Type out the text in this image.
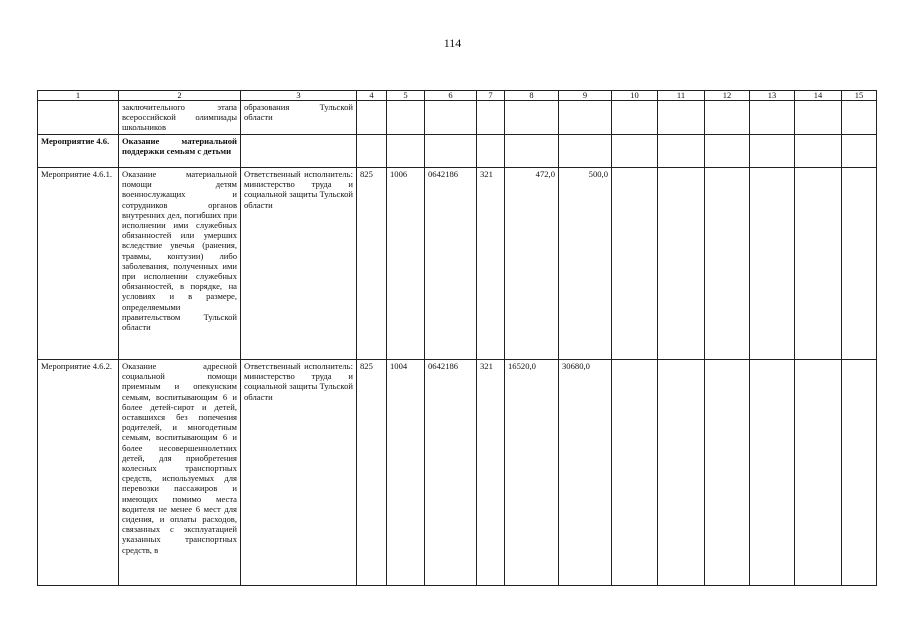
114
1	2	3	4	5	6	7	8	9	10	11	12	13	14	15
	заключительного этапа всероссийской олимпиады школьников	образования Тульской области												
Мероприятие 4.6.	Оказание материальной поддержки семьям с детьми													
Мероприятие 4.6.1.	Оказание материальной помощи детям военнослужащих и сотрудников органов внутренних дел, погибших при исполнении ими служебных обязанностей или умерших вследствие увечья (ранения, травмы, контузии) либо заболевания, полученных ими при исполнении служебных обязанностей, в порядке, на условиях и в размере, определяемыми правительством Тульской области	Ответственный исполнитель: министерство труда и социальной защиты Тульской области	825	1006	0642186	321	472,0	500,0						
Мероприятие 4.6.2.	Оказание адресной социальной помощи приемным и опекунским семьям, воспитывающим 6 и более детей-сирот и детей, оставшихся без попечения родителей, и многодетным семьям, воспитывающим 6 и более несовершеннолетних детей, для приобретения колесных транспортных средств, используемых для перевозки пассажиров и имеющих помимо места водителя не менее 6 мест для сидения, и оплаты расходов, связанных с эксплуатацией указанных транспортных средств, в	Ответственный исполнитель: министерство труда и социальной защиты Тульской области	825	1004	0642186	321	16520,0	30680,0						
